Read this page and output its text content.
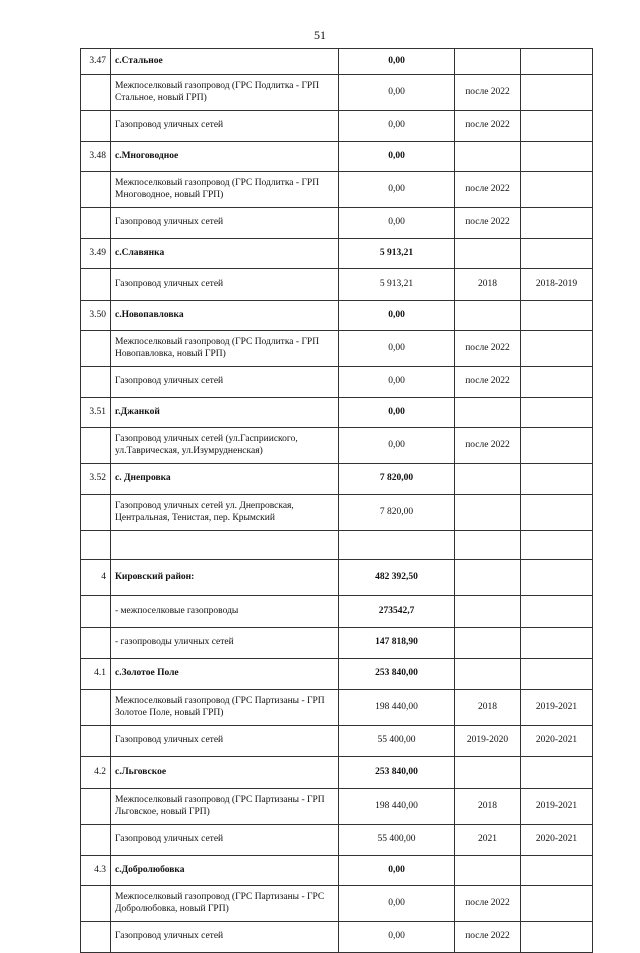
51
3.47	с.Стальное	0,00		
	Межпоселковый газопровод (ГРС Подлитка - ГРП Стальное, новый ГРП)	0,00	после 2022	
	Газопровод уличных сетей	0,00	после 2022	
3.48	с.Многоводное	0,00		
	Межпоселковый газопровод (ГРС Подлитка - ГРП Многоводное, новый ГРП)	0,00	после 2022	
	Газопровод уличных сетей	0,00	после 2022	
3.49	с.Славянка	5 913,21		
	Газопровод уличных сетей	5 913,21	2018	2018-2019
3.50	с.Новопавловка	0,00		
	Межпоселковый газопровод (ГРС Подлитка - ГРП Новопавловка, новый ГРП)	0,00	после 2022	
	Газопровод уличных сетей	0,00	после 2022	
3.51	г.Джанкой	0,00		
	Газопровод уличных сетей (ул.Гасприиского, ул.Таврическая, ул.Изумрудненская)	0,00	после 2022	
3.52	с. Днепровка	7 820,00		
	Газопровод уличных сетей ул. Днепровская, Центральная, Тенистая, пер. Крымский	7 820,00		

4	Кировский район:	482 392,50		
	- межпоселковые газопроводы	273542,7		
	- газопроводы уличных сетей	147 818,90		
4.1	с.Золотое Поле	253 840,00		
	Межпоселковый газопровод (ГРС Партизаны - ГРП Золотое Поле, новый ГРП)	198 440,00	2018	2019-2021
	Газопровод уличных сетей	55 400,00	2019-2020	2020-2021
4.2	с.Льговское	253 840,00		
	Межпоселковый газопровод (ГРС Партизаны - ГРП Льговское, новый ГРП)	198 440,00	2018	2019-2021
	Газопровод уличных сетей	55 400,00	2021	2020-2021
4.3	с.Добролюбовка	0,00		
	Межпоселковый газопровод (ГРС Партизаны - ГРС Добролюбовка, новый ГРП)	0,00	после 2022	
	Газопровод уличных сетей	0,00	после 2022	
